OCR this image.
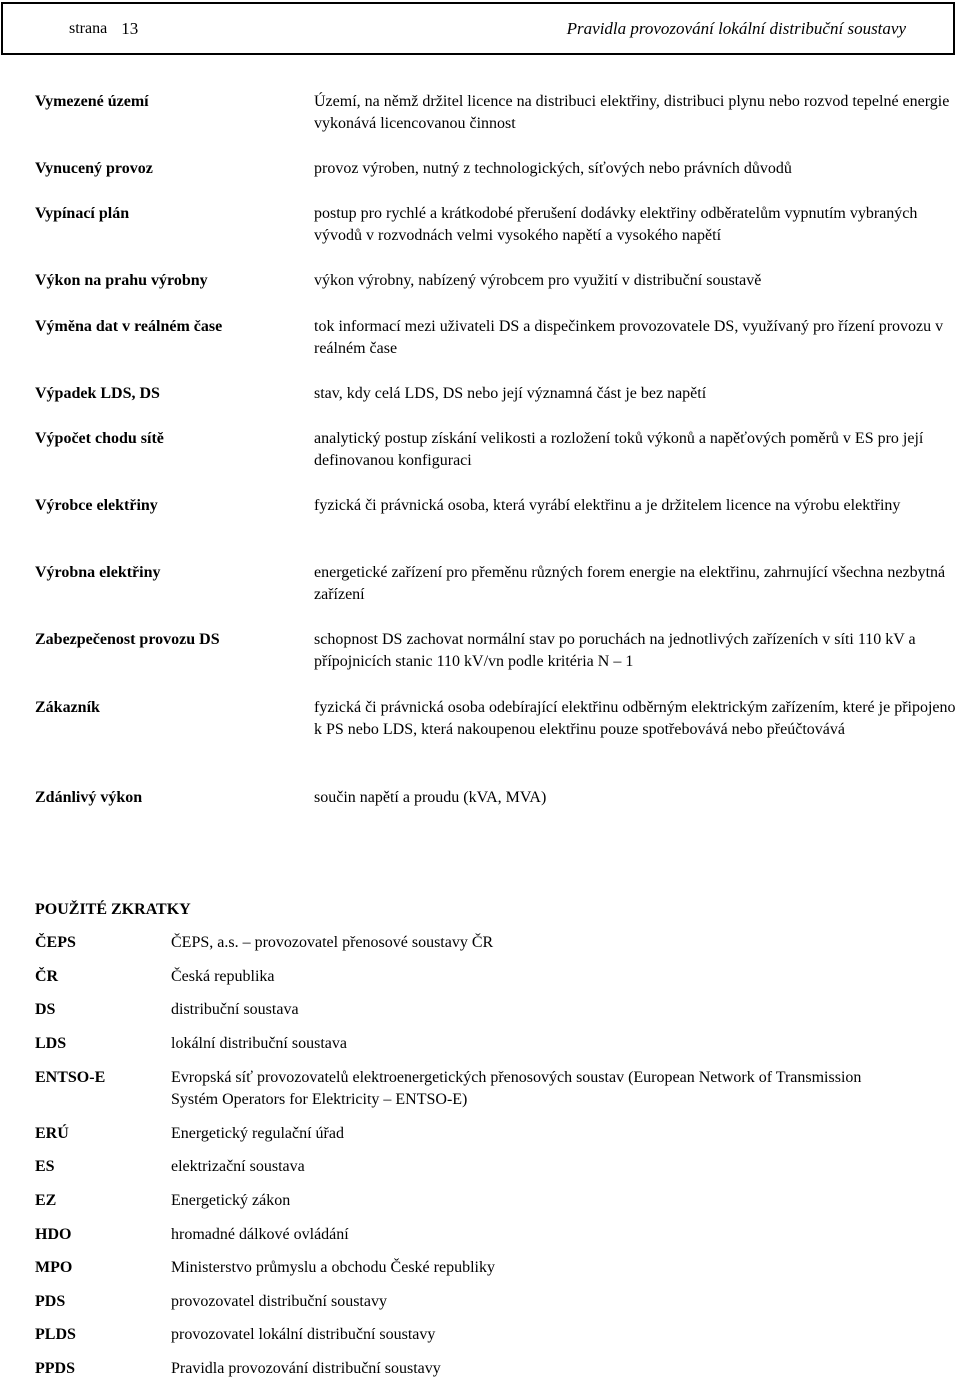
strana 13	Pravidla provozování lokální distribuční soustavy
Vymezené území	Území, na němž držitel licence na distribuci elektřiny, distribuci plynu nebo rozvod tepelné energie vykonává licencovanou činnost
Vynucený provoz	provoz výroben, nutný z technologických, síťových nebo právních důvodů
Vypínací plán	postup pro rychlé a krátkodobé přerušení dodávky elektřiny odběratelům vypnutím vybraných vývodů v rozvodnách velmi vysokého napětí a vysokého napětí
Výkon na prahu výrobny	výkon výrobny, nabízený výrobcem pro využití v distribuční soustavě
Výměna dat v reálném čase	tok informací mezi uživateli DS a dispečinkem provozovatele DS, využívaný pro řízení provozu v reálném čase
Výpadek LDS, DS	stav, kdy celá LDS, DS nebo její významná část je bez napětí
Výpočet chodu sítě	analytický postup získání velikosti a rozložení toků výkonů a napěťových poměrů v ES pro její definovanou konfiguraci
Výrobce elektřiny	fyzická či právnická osoba, která vyrábí elektřinu a je držitelem licence na výrobu elektřiny
Výrobna elektřiny	energetické zařízení pro přeměnu různých forem energie na elektřinu, zahrnující všechna nezbytná zařízení
Zabezpečenost provozu DS	schopnost DS zachovat normální stav po poruchách na jednotlivých zařízeních v síti 110 kV a přípojnicích stanic 110 kV/vn podle kritéria N – 1
Zákazník	fyzická či právnická osoba odebírající elektřinu odběrným elektrickým zařízením, které je připojeno k PS nebo LDS, která nakoupenou elektřinu pouze spotřebovává nebo přeúčtovává
Zdánlivý výkon	součin napětí a proudu (kVA, MVA)
POUŽITÉ ZKRATKY
ČEPS	ČEPS, a.s. – provozovatel přenosové soustavy ČR
ČR	Česká republika
DS	distribuční soustava
LDS	lokální distribuční soustava
ENTSO-E	Evropská síť provozovatelů elektroenergetických přenosových soustav (European Network of Transmission Systém Operators for Elektricity – ENTSO-E)
ERÚ	Energetický regulační úřad
ES	elektrizační soustava
EZ	Energetický zákon
HDO	hromadné dálkové ovládání
MPO	Ministerstvo průmyslu a obchodu České republiky
PDS	provozovatel distribuční soustavy
PLDS	provozovatel lokální distribuční soustavy
PPDS	Pravidla provozování distribuční soustavy
